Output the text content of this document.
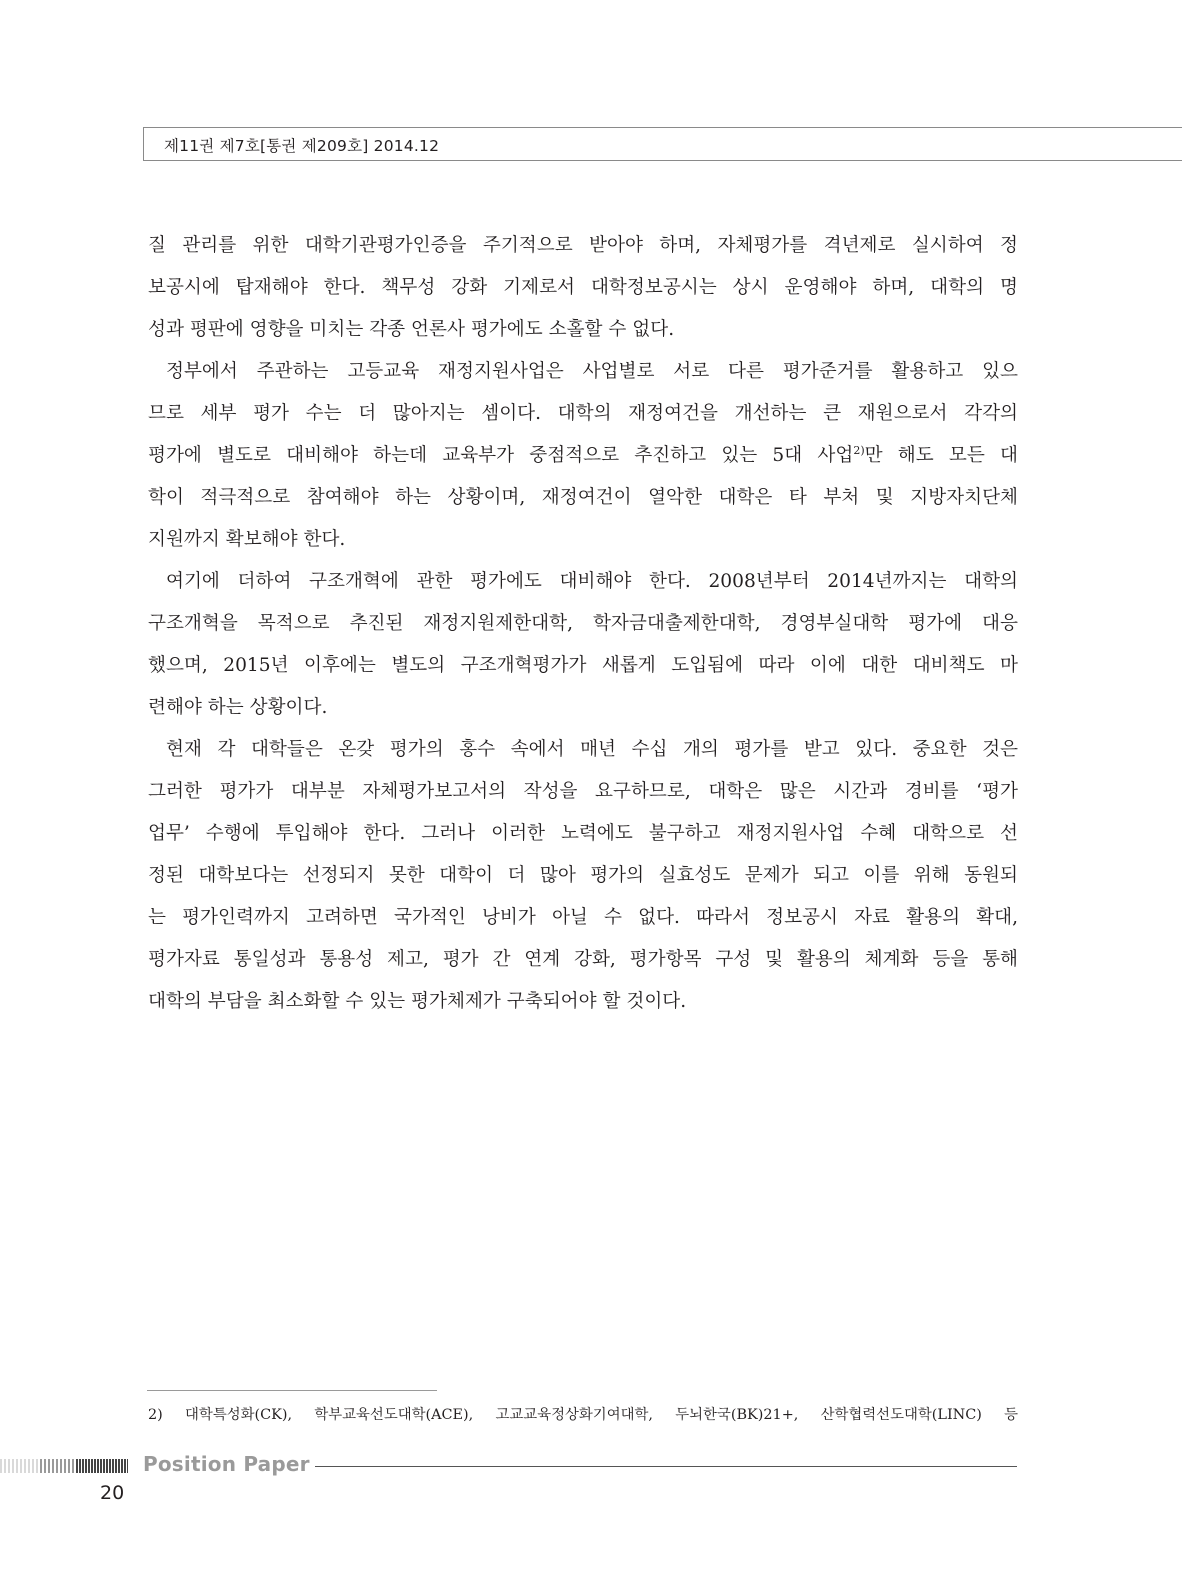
제11권 제7호[통권 제209호] 2014.12
질 관리를 위한 대학기관평가인증을 주기적으로 받아야 하며, 자체평가를 격년제로 실시하여 정
보공시에 탑재해야 한다. 책무성 강화 기제로서 대학정보공시는 상시 운영해야 하며, 대학의 명
성과 평판에 영향을 미치는 각종 언론사 평가에도 소홀할 수 없다.
정부에서 주관하는 고등교육 재정지원사업은 사업별로 서로 다른 평가준거를 활용하고 있으
므로 세부 평가 수는 더 많아지는 셈이다. 대학의 재정여건을 개선하는 큰 재원으로서 각각의
평가에 별도로 대비해야 하는데 교육부가 중점적으로 추진하고 있는 5대 사업$^{2)}$만 해도 모든 대
학이 적극적으로 참여해야 하는 상황이며, 재정여건이 열악한 대학은 타 부처 및 지방자치단체
지원까지 확보해야 한다.
여기에 더하여 구조개혁에 관한 평가에도 대비해야 한다. 2008년부터 2014년까지는 대학의
구조개혁을 목적으로 추진된 재정지원제한대학, 학자금대출제한대학, 경영부실대학 평가에 대응
했으며, 2015년 이후에는 별도의 구조개혁평가가 새롭게 도입됨에 따라 이에 대한 대비책도 마
련해야 하는 상황이다.
현재 각 대학들은 온갖 평가의 홍수 속에서 매년 수십 개의 평가를 받고 있다. 중요한 것은
그러한 평가가 대부분 자체평가보고서의 작성을 요구하므로, 대학은 많은 시간과 경비를 ‘평가
업무’ 수행에 투입해야 한다. 그러나 이러한 노력에도 불구하고 재정지원사업 수혜 대학으로 선
정된 대학보다는 선정되지 못한 대학이 더 많아 평가의 실효성도 문제가 되고 이를 위해 동원되
는 평가인력까지 고려하면 국가적인 낭비가 아닐 수 없다. 따라서 정보공시 자료 활용의 확대,
평가자료 통일성과 통용성 제고, 평가 간 연계 강화, 평가항목 구성 및 활용의 체계화 등을 통해
대학의 부담을 최소화할 수 있는 평가체제가 구축되어야 할 것이다.
2) 대학특성화(CK), 학부교육선도대학(ACE), 고교교육정상화기여대학, 두뇌한국(BK)21+, 산학협력선도대학(LINC) 등
Position Paper
20
